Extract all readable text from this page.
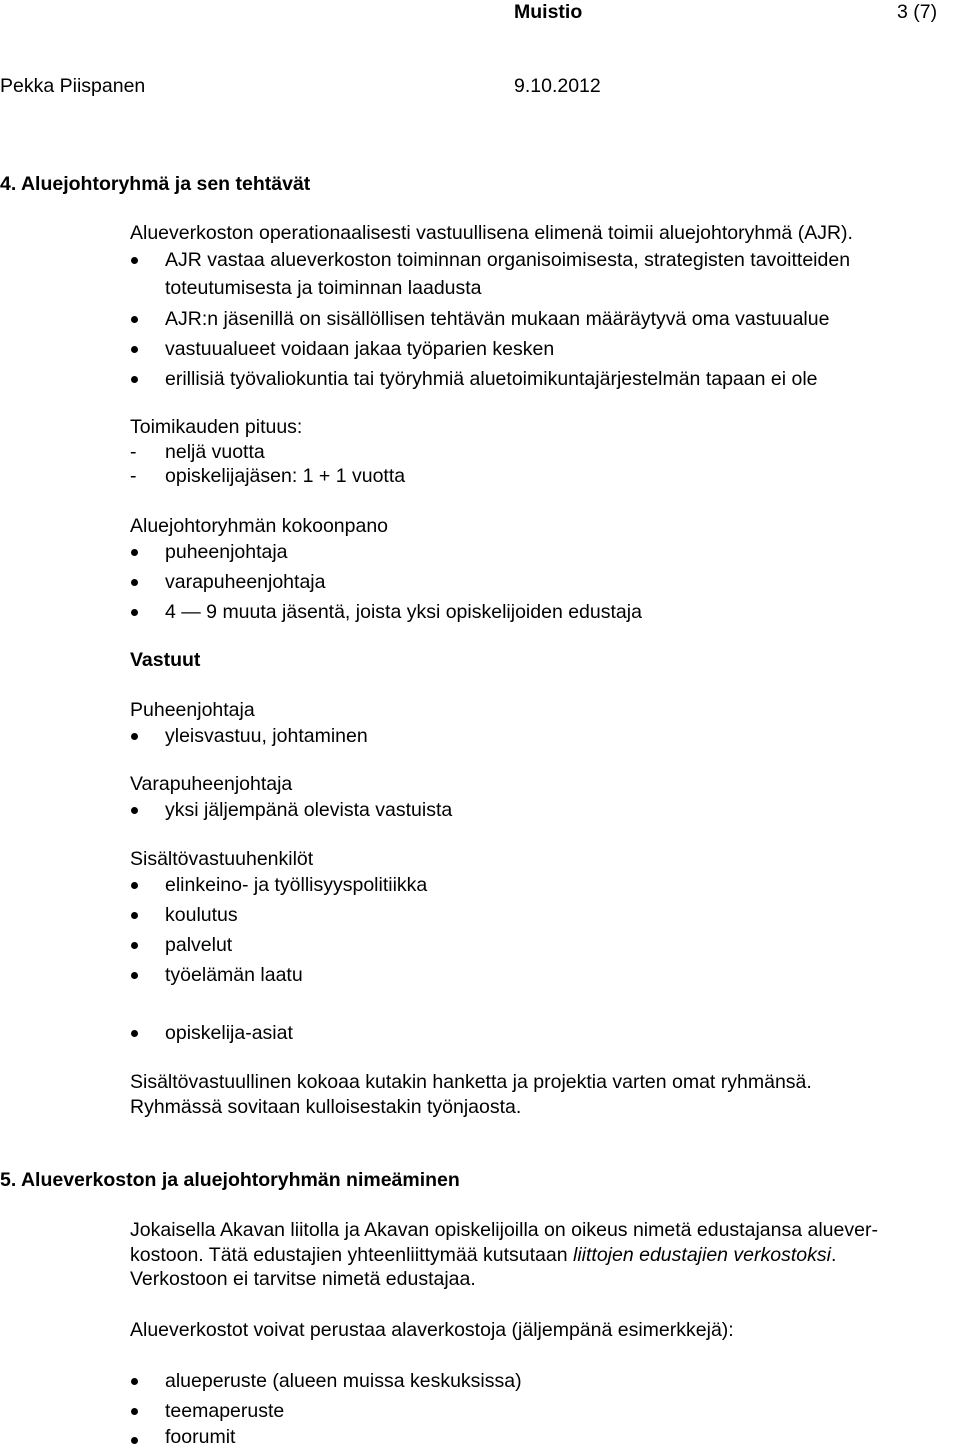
Muistio	3 (7)
Pekka Piispanen	9.10.2012
4. Aluejohtoryhmä ja sen tehtävät
Alueverkoston operationaalisesti vastuullisena elimenä toimii aluejohtoryhmä (AJR).
AJR vastaa alueverkoston toiminnan organisoimisesta, strategisten tavoitteiden
toteutumisesta ja toiminnan laadusta
AJR:n jäsenillä on sisällöllisen tehtävän mukaan määräytyvä oma vastuualue
vastuualueet voidaan jakaa työparien kesken
erillisiä työvaliokuntia tai työryhmiä aluetoimikuntajärjestelmän tapaan ei ole
Toimikauden pituus:
- neljä vuotta
- opiskelijajäsen: 1 + 1 vuotta
Aluejohtoryhmän kokoonpano
puheenjohtaja
varapuheenjohtaja
4 — 9 muuta jäsentä, joista yksi opiskelijoiden edustaja
Vastuut
Puheenjohtaja
yleisvastuu, johtaminen
Varapuheenjohtaja
yksi jäljempänä olevista vastuista
Sisältövastuuhenkilöt
elinkeino- ja työllisyyspolitiikka
koulutus
palvelut
työelämän laatu
opiskelija-asiat
Sisältövastuullinen kokoaa kutakin hanketta ja projektia varten omat ryhmänsä.
Ryhmässä sovitaan kulloisestakin työnjaosta.
5. Alueverkoston ja aluejohtoryhmän nimeäminen
Jokaisella Akavan liitolla ja Akavan opiskelijoilla on oikeus nimetä edustajansa aluever-
kostoon. Tätä edustajien yhteenliittymää kutsutaan liittojen edustajien verkostoksi.
Verkostoon ei tarvitse nimetä edustajaa.
Alueverkostot voivat perustaa alaverkostoja (jäljempänä esimerkkejä):
alueperuste (alueen muissa keskuksissa)
teemaperuste
foorumit
